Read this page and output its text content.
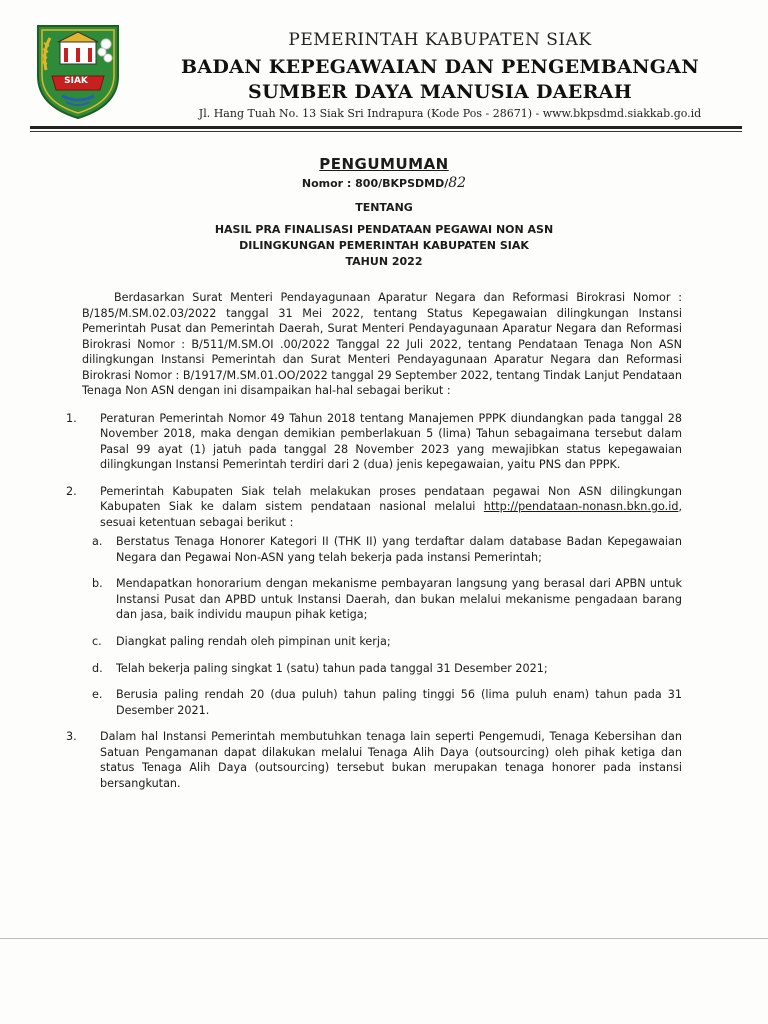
SIAK
PEMERINTAH KABUPATEN SIAK
BADAN KEPEGAWAIAN DAN PENGEMBANGAN
SUMBER DAYA MANUSIA DAERAH
Jl. Hang Tuah No. 13 Siak Sri Indrapura (Kode Pos - 28671) - www.bkpsdmd.siakkab.go.id
PENGUMUMAN
Nomor : 800/BKPSDMD/82
TENTANG
HASIL PRA FINALISASI PENDATAAN PEGAWAI NON ASN
DILINGKUNGAN PEMERINTAH KABUPATEN SIAK
TAHUN 2022

Berdasarkan Surat Menteri Pendayagunaan Aparatur Negara dan Reformasi Birokrasi Nomor : B/185/M.SM.02.03/2022 tanggal 31 Mei 2022, tentang Status Kepegawaian dilingkungan Instansi Pemerintah Pusat dan Pemerintah Daerah, Surat Menteri Pendayagunaan Aparatur Negara dan Reformasi Birokrasi Nomor : B/511/M.SM.OI .00/2022 Tanggal 22 Juli 2022, tentang Pendataan Tenaga Non ASN dilingkungan Instansi Pemerintah dan Surat Menteri Pendayagunaan Aparatur Negara dan Reformasi Birokrasi Nomor : B/1917/M.SM.01.OO/2022 tanggal 29 September 2022, tentang Tindak Lanjut Pendataan Tenaga Non ASN dengan ini disampaikan hal-hal sebagai berikut :

1. Peraturan Pemerintah Nomor 49 Tahun 2018 tentang Manajemen PPPK diundangkan pada tanggal 28 November 2018, maka dengan demikian pemberlakuan 5 (lima) Tahun sebagaimana tersebut dalam Pasal 99 ayat (1) jatuh pada tanggal 28 November 2023 yang mewajibkan status kepegawaian dilingkungan Instansi Pemerintah terdiri dari 2 (dua) jenis kepegawaian, yaitu PNS dan PPPK.

2. Pemerintah Kabupaten Siak telah melakukan proses pendataan pegawai Non ASN dilingkungan Kabupaten Siak ke dalam sistem pendataan nasional melalui http://pendataan-nonasn.bkn.go.id, sesuai ketentuan sebagai berikut :

a. Berstatus Tenaga Honorer Kategori II (THK II) yang terdaftar dalam database Badan Kepegawaian Negara dan Pegawai Non-ASN yang telah bekerja pada instansi Pemerintah;

b. Mendapatkan honorarium dengan mekanisme pembayaran langsung yang berasal dari APBN untuk Instansi Pusat dan APBD untuk Instansi Daerah, dan bukan melalui mekanisme pengadaan barang dan jasa, baik individu maupun pihak ketiga;

c. Diangkat paling rendah oleh pimpinan unit kerja;

d. Telah bekerja paling singkat 1 (satu) tahun pada tanggal 31 Desember 2021;

e. Berusia paling rendah 20 (dua puluh) tahun paling tinggi 56 (lima puluh enam) tahun pada 31 Desember 2021.

3. Dalam hal Instansi Pemerintah membutuhkan tenaga lain seperti Pengemudi, Tenaga Kebersihan dan Satuan Pengamanan dapat dilakukan melalui Tenaga Alih Daya (outsourcing) oleh pihak ketiga dan status Tenaga Alih Daya (outsourcing) tersebut bukan merupakan tenaga honorer pada instansi bersangkutan.
